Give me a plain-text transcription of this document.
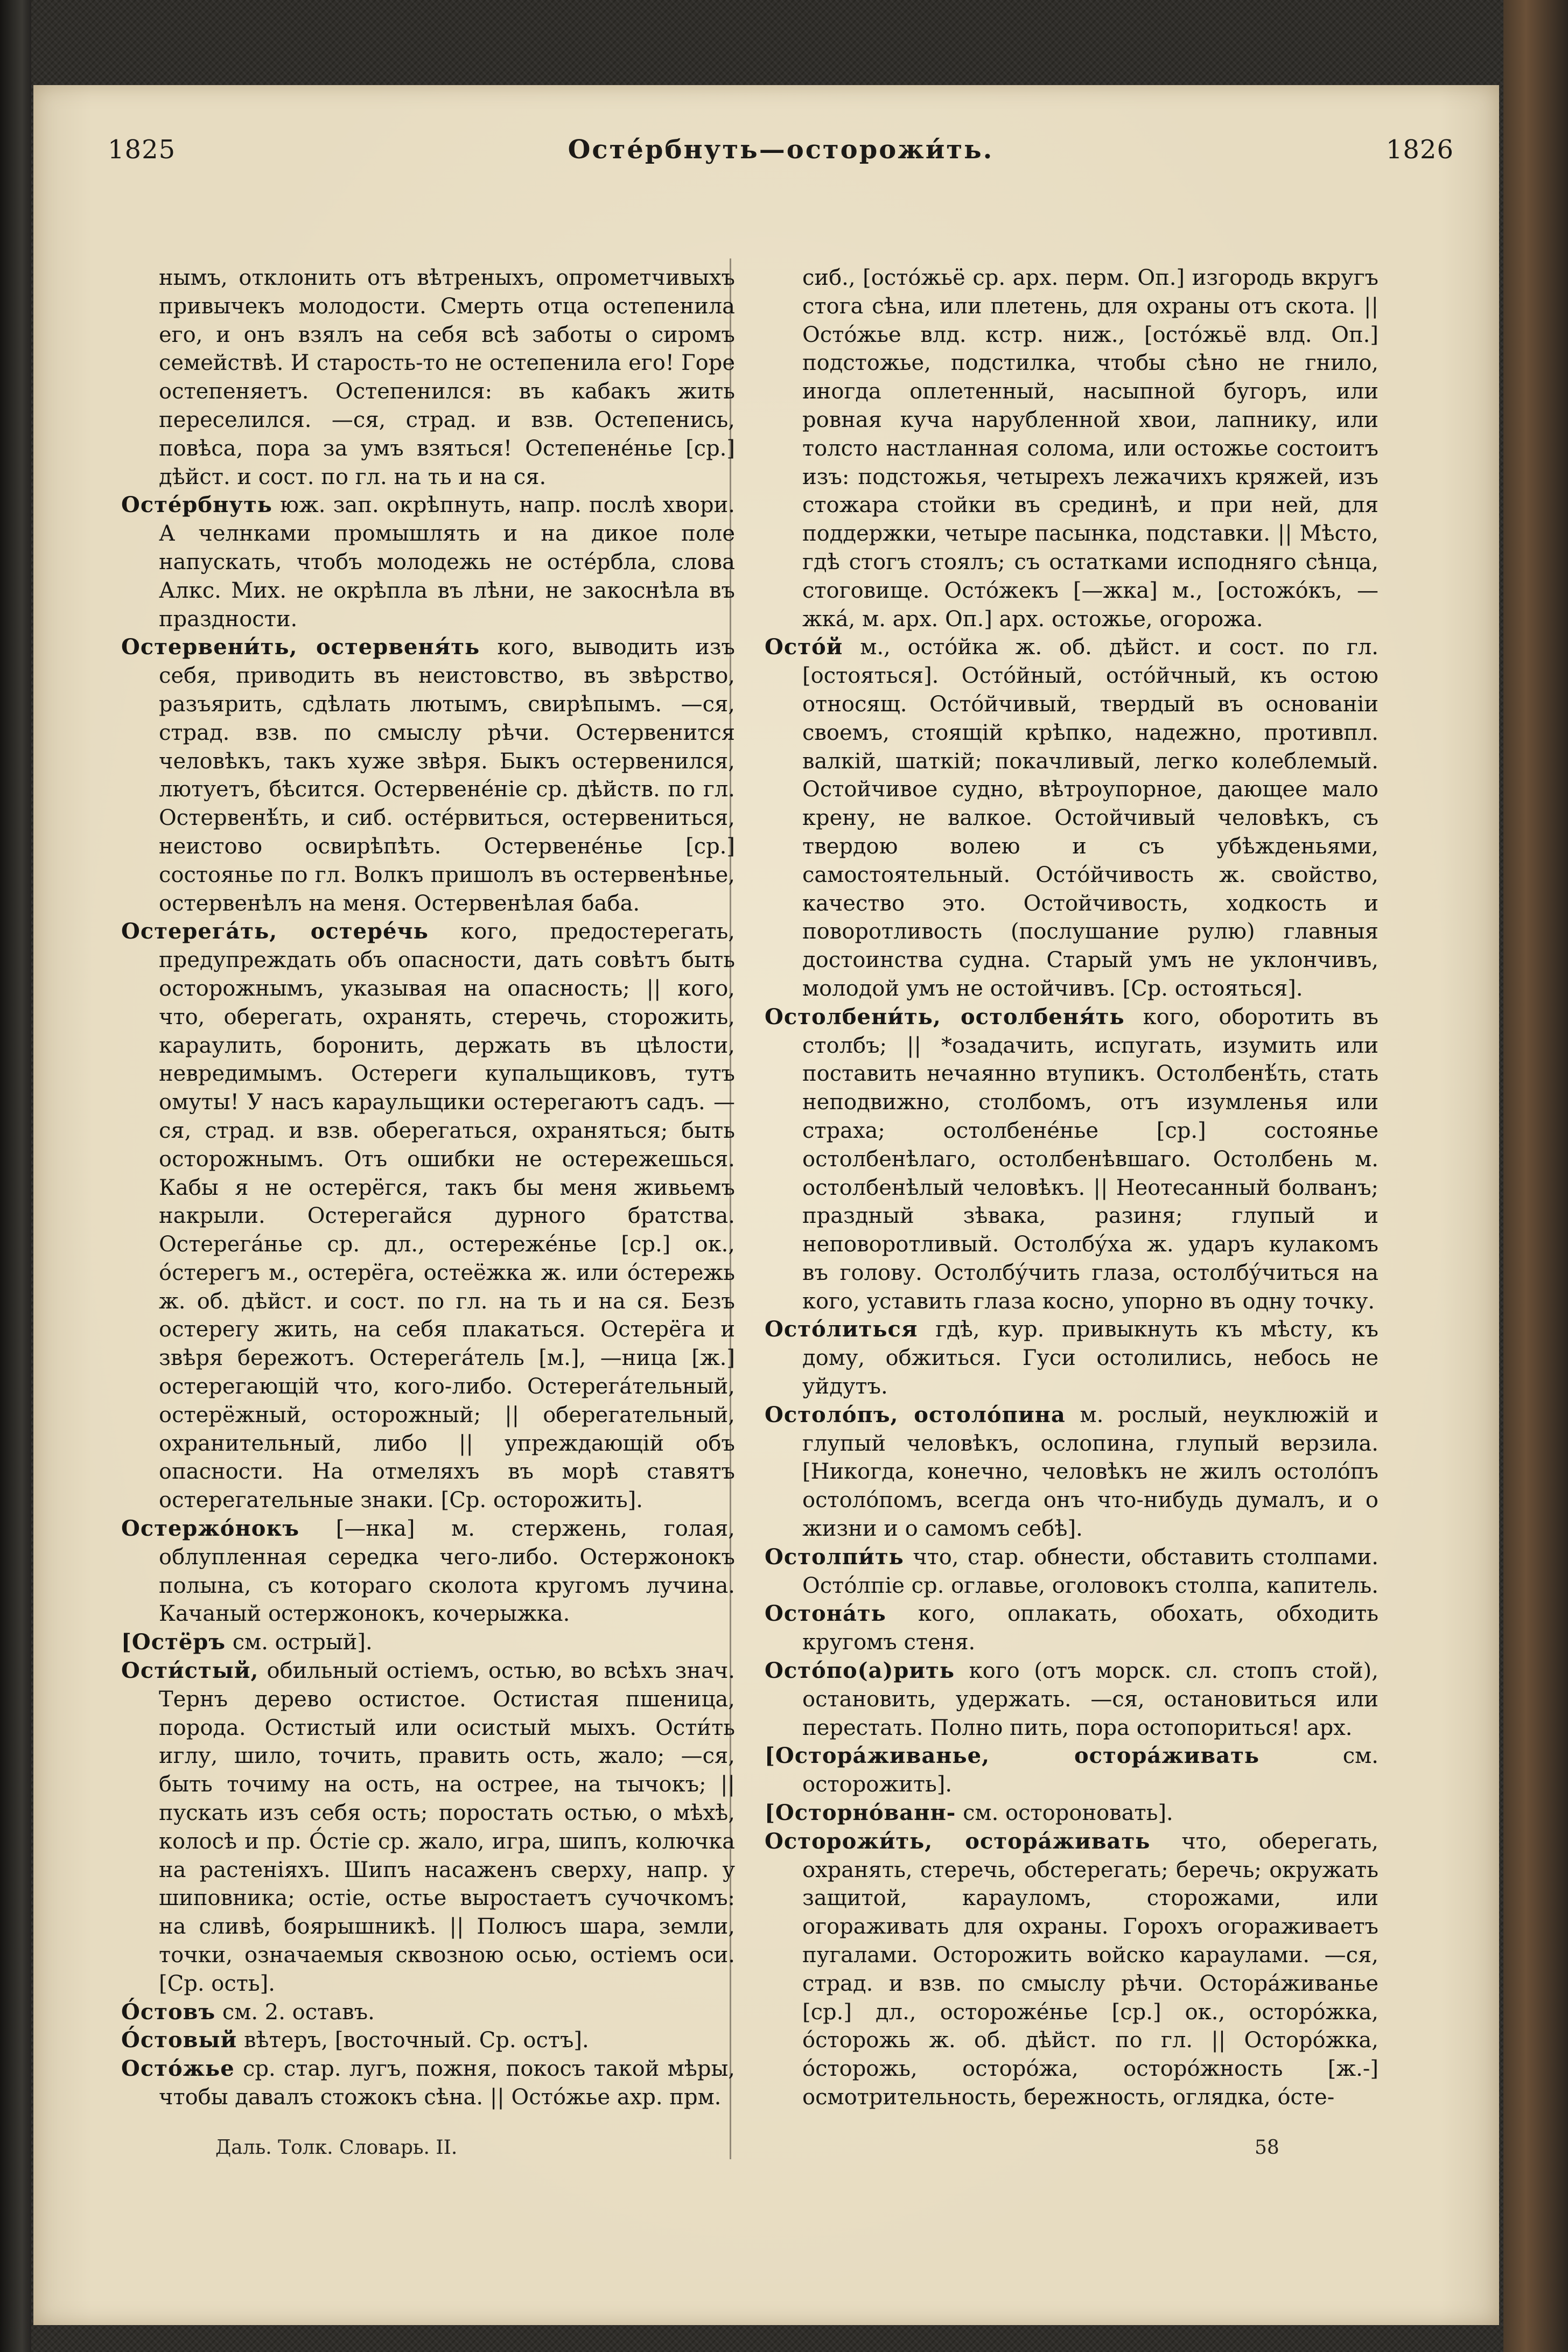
1825	Остéрбнуть—осторожи́ть.	1826

нымъ, отклонить отъ вѣтреныхъ, опрометчивыхъ привычекъ молодости. Смерть отца остепенила его, и онъ взялъ на себя всѣ заботы о сиромъ семействѣ. И старость-то не остепенила его! Горе остепеняетъ. Остепенился: въ кабакъ жить переселился. —ся, страд. и взв. Остепенись, повѣса, пора за умъ взяться! Остепенéнье [ср.] дѣйст. и сост. по гл. на ть и на ся.

Остéрбнуть юж. зап. окрѣпнуть, напр. послѣ хвори. А челнками промышлять и на дикое поле напускать, чтобъ молодежь не остéрбла, слова Алкс. Мих. не окрѣпла въ лѣни, не закоснѣла въ праздности.

Остервени́ть, остервеня́ть кого, выводить изъ себя, приводить въ неистовство, въ звѣрство, разъярить, сдѣлать лютымъ, свирѣпымъ. —ся, страд. взв. по смыслу рѣчи. Остервенится человѣкъ, такъ хуже звѣря. Быкъ остервенился, лютуетъ, бѣсится. Остервенéніе ср. дѣйств. по гл. Остервенѣ́ть, и сиб. остéрвиться, остервениться, неистово освирѣпѣть. Остервенéнье [ср.] состоянье по гл. Волкъ пришолъ въ остервенѣнье, остервенѣлъ на меня. Остервенѣлая баба.

Остерега́ть, остерéчь кого, предостерегать, предупреждать объ опасности, дать совѣтъ быть осторожнымъ, указывая на опасность; || кого, что, оберегать, охранять, стеречь, сторожить, караулить, боронить, держать въ цѣлости, невредимымъ. Остереги купальщиковъ, тутъ омуты! У насъ караульщики остерегаютъ садъ. —ся, страд. и взв. оберегаться, охраняться; быть осторожнымъ. Отъ ошибки не остережешься. Кабы я не остерёгся, такъ бы меня живьемъ накрыли. Остерегайся дурного братства. Остерега́нье ср. дл., остережéнье [ср.] ок., óстерегъ м., остерёга, остеёжка ж. или óстережь ж. об. дѣйст. и сост. по гл. на ть и на ся. Безъ остерегу жить, на себя плакаться. Остерёга и звѣря бережотъ. Остерега́тель [м.], —ница [ж.] остерегающій что, кого-либо. Остерега́тельный, остерёжный, осторожный; || оберегательный, охранительный, либо || упреждающій объ опасности. На отмеляхъ въ морѣ ставятъ остерегательные знаки. [Ср. осторожить].

Остержóнокъ [—нка] м. стержень, голая, облупленная середка чего-либо. Остержонокъ полына, съ котораго сколота кругомъ лучина. Качаный остержонокъ, кочерыжка.

[Остёръ см. острый].

Ости́стый, обильный остіемъ, остью, во всѣхъ знач. Тернъ дерево остистое. Остистая пшеница, порода. Остистый или осистый мыхъ. Ости́ть иглу, шило, точить, править ость, жало; —ся, быть точиму на ость, на острее, на тычокъ; || пускать изъ себя ость; поростать остью, о мѣхѣ, колосѣ и пр. О́стіе ср. жало, игра, шипъ, колючка на растеніяхъ. Шипъ насаженъ сверху, напр. у шиповника; остіе, остье выростаетъ сучочкомъ: на сливѣ, боярышникѣ. || Полюсъ шара, земли, точки, означаемыя сквозною осью, остіемъ оси. [Ср. ость].

О́стовъ см. 2. оставъ.

О́стовый вѣтеръ, [восточный. Ср. остъ].

Остóжье ср. стар. лугъ, пожня, покосъ такой мѣры, чтобы давалъ стожокъ сѣна. || Остóжье ахр. прм.

сиб., [остóжьё ср. арх. перм. Оп.] изгородь вкругъ стога сѣна, или плетень, для охраны отъ скота. || Остóжье влд. кстр. ниж., [остóжьё влд. Оп.] подстожье, подстилка, чтобы сѣно не гнило, иногда оплетенный, насыпной бугоръ, или ровная куча нарубленной хвои, лапнику, или толсто настланная солома, или остожье состоитъ изъ: подстожья, четырехъ лежачихъ кряжей, изъ стожара стойки въ срединѣ, и при ней, для поддержки, четыре пасынка, подставки. || Мѣсто, гдѣ стогъ стоялъ; съ остатками исподняго сѣнца, стоговище. Остóжекъ [—жка] м., [остожóкъ, —жка́, м. арх. Оп.] арх. остожье, огорожа.

Остóй м., остóйка ж. об. дѣйст. и сост. по гл. [остояться]. Остóйный, остóйчный, къ остою относящ. Остóйчивый, твердый въ основаніи своемъ, стоящій крѣпко, надежно, противпл. валкій, шаткій; покачливый, легко колеблемый. Остойчивое судно, вѣтроупорное, дающее мало крену, не валкое. Остойчивый человѣкъ, съ твердою волею и съ убѣжденьями, самостоятельный. Остóйчивость ж. свойство, качество это. Остойчивость, ходкость и поворотливость (послушание рулю) главныя достоинства судна. Старый умъ не уклончивъ, молодой умъ не остойчивъ. [Ср. остояться].

Остолбени́ть, остолбеня́ть кого, оборотить въ столбъ; || *озадачить, испугать, изумить или поставить нечаянно втупикъ. Остолбенѣ́ть, стать неподвижно, столбомъ, отъ изумленья или страха; остолбенéнье [ср.] состоянье остолбенѣлаго, остолбенѣвшаго. Остолбень м. остолбенѣлый человѣкъ. || Неотесанный болванъ; праздный зѣвака, разиня; глупый и неповоротливый. Остолбу́ха ж. ударъ кулакомъ въ голову. Остолбу́чить глаза, остолбу́читься на кого, уставить глаза косно, упорно въ одну точку.

Остóлиться гдѣ, кур. привыкнуть къ мѣсту, къ дому, обжиться. Гуси остолились, небось не уйдутъ.

Остолóпъ, остолóпина м. рослый, неуклюжій и глупый человѣкъ, ослопина, глупый верзила. [Никогда, конечно, человѣкъ не жилъ остолóпъ остолóпомъ, всегда онъ что-нибудь думалъ, и о жизни и о самомъ себѣ].

Остолпи́ть что, стар. обнести, обставить столпами. Остóлпіе ср. оглавье, оголовокъ столпа, капитель.

Остона́ть кого, оплакать, обохать, обходить кругомъ стеня.

Остóпо(а)рить кого (отъ морск. сл. стопъ стой), остановить, удержать. —ся, остановиться или перестать. Полно пить, пора остопориться! арх.

[Осторáживанье, осторáживать	см. осторожить].

[Осторнóванн- см. остороновать].

Осторожи́ть, осторáживать что, оберегать, охранять, стеречь, обстерегать; беречь; окружать защитой, карауломъ, сторожами, или огораживать для охраны. Горохъ огораживаетъ пугалами. Осторожить войско караулами. —ся, страд. и взв. по смыслу рѣчи. Осторáживанье [ср.] дл., осторожéнье [ср.] ок., осторóжка, óсторожь ж. об. дѣйст. по гл. || Осторóжка, óсторожь, осторóжа, осторóжность [ж.-] осмотрительность, бережность, оглядка, óсте-

Даль. Толк. Словарь. II.	58
